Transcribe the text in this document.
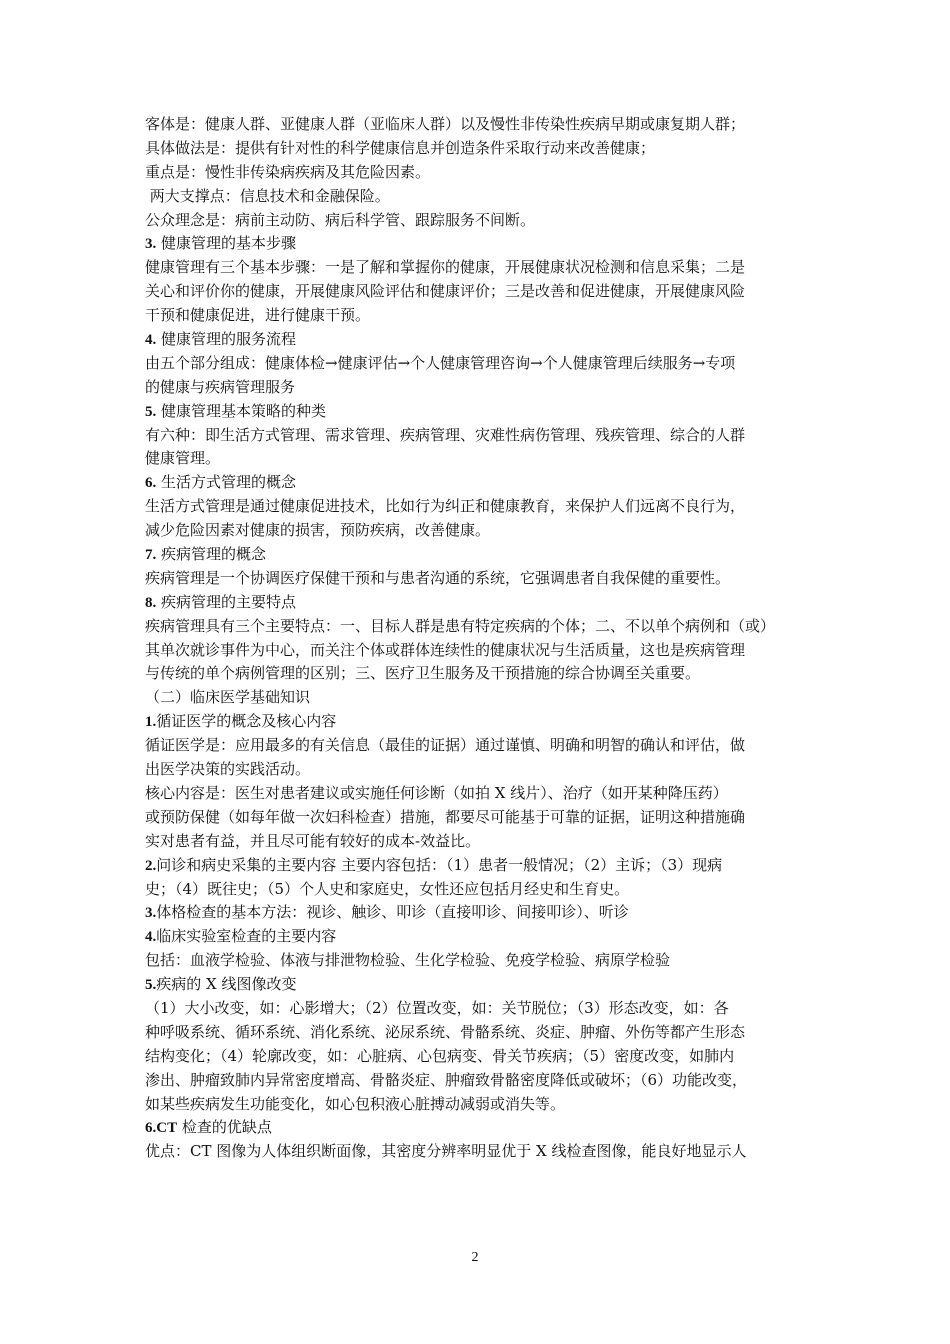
客体是：健康人群、亚健康人群（亚临床人群）以及慢性非传染性疾病早期或康复期人群；
具体做法是：提供有针对性的科学健康信息并创造条件采取行动来改善健康；
重点是：慢性非传染病疾病及其危险因素。
两大支撑点：信息技术和金融保险。
公众理念是：病前主动防、病后科学管、跟踪服务不间断。
3. 健康管理的基本步骤
健康管理有三个基本步骤：一是了解和掌握你的健康，开展健康状况检测和信息采集；二是
关心和评价你的健康，开展健康风险评估和健康评价；三是改善和促进健康，开展健康风险
干预和健康促进，进行健康干预。
4. 健康管理的服务流程
由五个部分组成：健康体检→健康评估→个人健康管理咨询→个人健康管理后续服务→专项
的健康与疾病管理服务
5. 健康管理基本策略的种类
有六种：即生活方式管理、需求管理、疾病管理、灾难性病伤管理、残疾管理、综合的人群
健康管理。
6. 生活方式管理的概念
生活方式管理是通过健康促进技术，比如行为纠正和健康教育，来保护人们远离不良行为，
减少危险因素对健康的损害，预防疾病，改善健康。
7. 疾病管理的概念
疾病管理是一个协调医疗保健干预和与患者沟通的系统，它强调患者自我保健的重要性。
8. 疾病管理的主要特点
疾病管理具有三个主要特点：一、目标人群是患有特定疾病的个体；二、不以单个病例和（或）
其单次就诊事件为中心，而关注个体或群体连续性的健康状况与生活质量，这也是疾病管理
与传统的单个病例管理的区别；三、医疗卫生服务及干预措施的综合协调至关重要。
（二）临床医学基础知识
1.循证医学的概念及核心内容
循证医学是：应用最多的有关信息（最佳的证据）通过谨慎、明确和明智的确认和评估，做
出医学决策的实践活动。
核心内容是：医生对患者建议或实施任何诊断（如拍 X 线片）、治疗（如开某种降压药）
或预防保健（如每年做一次妇科检查）措施，都要尽可能基于可靠的证据，证明这种措施确
实对患者有益，并且尽可能有较好的成本-效益比。
2.问诊和病史采集的主要内容 主要内容包括：（1）患者一般情况；（2）主诉；（3）现病
史；（4）既往史；（5）个人史和家庭史，女性还应包括月经史和生育史。
3.体格检查的基本方法：视诊、触诊、叩诊（直接叩诊、间接叩诊）、听诊
4.临床实验室检查的主要内容
包括：血液学检验、体液与排泄物检验、生化学检验、免疫学检验、病原学检验
5.疾病的 X 线图像改变
（1）大小改变，如：心影增大；（2）位置改变，如：关节脱位；（3）形态改变，如：各
种呼吸系统、循环系统、消化系统、泌尿系统、骨骼系统、炎症、肿瘤、外伤等都产生形态
结构变化；（4）轮廓改变，如：心脏病、心包病变、骨关节疾病；（5）密度改变，如肺内
渗出、肿瘤致肺内异常密度增高、骨骼炎症、肿瘤致骨骼密度降低或破坏；（6）功能改变，
如某些疾病发生功能变化，如心包积液心脏搏动减弱或消失等。
6.CT 检查的优缺点
优点：CT 图像为人体组织断面像，其密度分辨率明显优于 X 线检查图像，能良好地显示人
2
